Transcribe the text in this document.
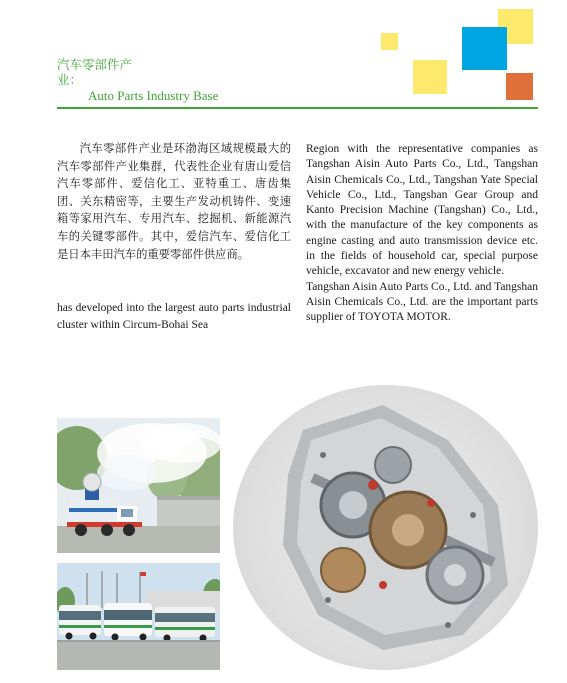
汽车零部件产业：
Auto Parts Industry Base

汽车零部件产业是环渤海区域规模最大的汽车零部件产业集群，代表性企业有唐山爱信汽车零部件、爱信化工、亚特重工、唐齿集团、关东精密等，主要生产发动机铸件、变速箱等家用汽车、专用汽车、挖掘机、新能源汽车的关键零部件。其中，爱信汽车、爱信化工是日本丰田汽车的重要零部件供应商。

has developed into the largest auto parts industrial cluster within Circum-Bohai Sea

Region with the representative companies as Tangshan Aisin Auto Parts Co., Ltd., Tangshan Aisin Chemicals Co., Ltd., Tangshan Yate Special Vehicle Co., Ltd., Tangshan Gear Group and Kanto Precision Machine (Tangshan) Co., Ltd., with the manufacture of the key components as engine casting and auto transmission device etc. in the fields of household car, special purpose vehicle, excavator and new energy vehicle.
Tangshan Aisin Auto Parts Co., Ltd. and Tangshan Aisin Chemicals Co., Ltd. are the important parts supplier of TOYOTA MOTOR.
